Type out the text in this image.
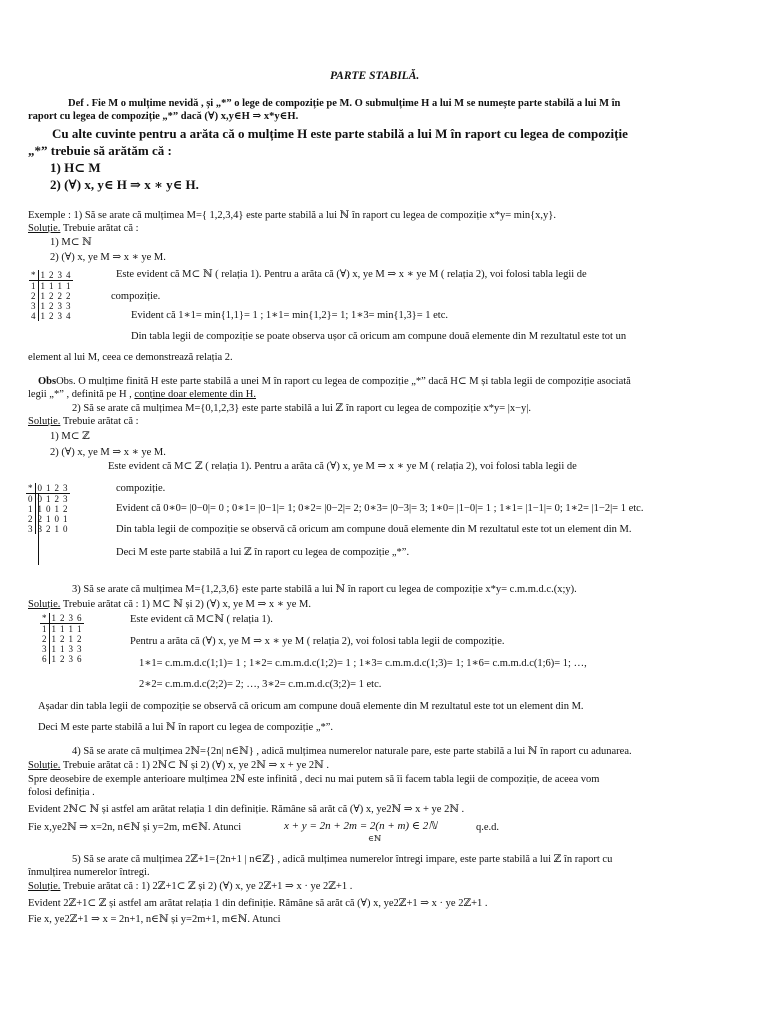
PARTE STABILĂ.
Def . Fie M o mulțime nevidă , și „*” o lege de compoziție pe M. O submulțime H a lui M se numește parte stabilă a lui M în
raport cu legea de compoziție „*” dacă (∀) x,y∈H ⇒ x*y∈H.
Cu alte cuvinte pentru a arăta că o mulțime H este parte stabilă a lui M în raport cu legea de compoziție
„*” trebuie să arătăm că :
1) H⊂ M
2) (∀) x, y∈ H ⇒ x ∗ y∈ H.
Exemple : 1) Să se arate că mulțimea M={ 1,2,3,4} este parte stabilă a lui ℕ în raport cu legea de compoziție x*y= min{x,y}.
Soluție. Trebuie arătat că :
1) M⊂ ℕ
2) (∀) x, ye M ⇒ x ∗ ye M.
*	1	2	3	4
1	1	1	1	1
2	1	2	2	2
3	1	2	3	3
4	1	2	3	4
Este evident că M⊂ ℕ ( relația 1). Pentru a arăta că (∀) x, ye M ⇒ x ∗ ye M ( relația 2), voi folosi tabla legii de
compoziție.
Evident că 1∗1= min{1,1}= 1 ; 1∗1= min{1,2}= 1; 1∗3= min{1,3}= 1 etc.
Din tabla legii de compoziție se poate observa ușor că oricum am compune două elemente din M rezultatul este tot un
element al lui M, ceea ce demonstrează relația 2.
ObsObs. O mulțime finită H este parte stabilă a unei M în raport cu legea de compoziție „*” dacă H⊂ M și tabla legii de compoziție asociată
legii „*” , definită pe H , conține doar elemente din H.
2) Să se arate că mulțimea M={0,1,2,3} este parte stabilă a lui ℤ în raport cu legea de compoziție x*y= |x−y|.
Soluție. Trebuie arătat că :
1) M⊂ ℤ
2) (∀) x, ye M ⇒ x ∗ ye M.
Este evident că M⊂ ℤ ( relația 1). Pentru a arăta că (∀) x, ye M ⇒ x ∗ ye M ( relația 2), voi folosi tabla legii de
compoziție.
*	0	1	2	3
0	0	1	2	3
1	1	0	1	2
2	2	1	0	1
3	3	2	1	0
Evident că 0∗0= |0−0|= 0 ; 0∗1= |0−1|= 1; 0∗2= |0−2|= 2; 0∗3= |0−3|= 3; 1∗0= |1−0|= 1 ; 1∗1= |1−1|= 0; 1∗2= |1−2|= 1 etc.
Din tabla legii de compoziție se observă că oricum am compune două elemente din M rezultatul este tot un element din M.
Deci M este parte stabilă a lui ℤ în raport cu legea de compoziție „*”.
3) Să se arate că mulțimea M={1,2,3,6} este parte stabilă a lui ℕ în raport cu legea de compoziție x*y= c.m.m.d.c.(x;y).
Soluție. Trebuie arătat că : 1) M⊂ ℕ și 2) (∀) x, ye M ⇒ x ∗ ye M.
*	1	2	3	6
1	1	1	1	1
2	1	2	1	2
3	1	1	3	3
6	1	2	3	6
Este evident că M⊂ℕ ( relația 1).
Pentru a arăta că (∀) x, ye M ⇒ x ∗ ye M ( relația 2), voi folosi tabla legii de compoziție.
1∗1= c.m.m.d.c(1;1)= 1 ; 1∗2= c.m.m.d.c(1;2)= 1 ; 1∗3= c.m.m.d.c(1;3)= 1; 1∗6= c.m.m.d.c(1;6)= 1; …,
2∗2= c.m.m.d.c(2;2)= 2; …, 3∗2= c.m.m.d.c(3;2)= 1 etc.
Așadar din tabla legii de compoziție se observă că oricum am compune două elemente din M rezultatul este tot un element din M.
Deci M este parte stabilă a lui ℕ în raport cu legea de compoziție „*”.
4) Să se arate că mulțimea 2ℕ={2n| n∈ℕ} , adică mulțimea numerelor naturale pare, este parte stabilă a lui ℕ în raport cu adunarea.
Soluție. Trebuie arătat că : 1) 2ℕ⊂ ℕ și 2) (∀) x, ye 2ℕ ⇒ x + ye 2ℕ .
Spre deosebire de exemple anterioare mulțimea 2ℕ este infinită , deci nu mai putem să îi facem tabla legii de compoziție, de aceea vom
folosi definiția .
Evident 2ℕ⊂ ℕ și astfel am arătat relația 1 din definiție. Rămâne să arăt că (∀) x, ye2ℕ ⇒ x + ye 2ℕ .
Fie x,ye2ℕ ⇒ x=2n, n∈ℕ și y=2m, m∈ℕ. Atunci	x + y = 2n + 2m = 2(n + m) ∈ 2ℕ
∈ℕ
q.e.d.
5) Să se arate că mulțimea 2ℤ+1={2n+1 | n∈ℤ} , adică mulțimea numerelor întregi impare, este parte stabilă a lui ℤ în raport cu
înmulțirea numerelor întregi.
Soluție. Trebuie arătat că : 1) 2ℤ+1⊂ ℤ și 2) (∀) x, ye 2ℤ+1 ⇒ x · ye 2ℤ+1 .
Evident 2ℤ+1⊂ ℤ și astfel am arătat relația 1 din definiție. Rămâne să arăt că (∀) x, ye2ℤ+1 ⇒ x · ye 2ℤ+1 .
Fie x, ye2ℤ+1 ⇒ x = 2n+1, n∈ℕ și y=2m+1, m∈ℕ. Atunci
